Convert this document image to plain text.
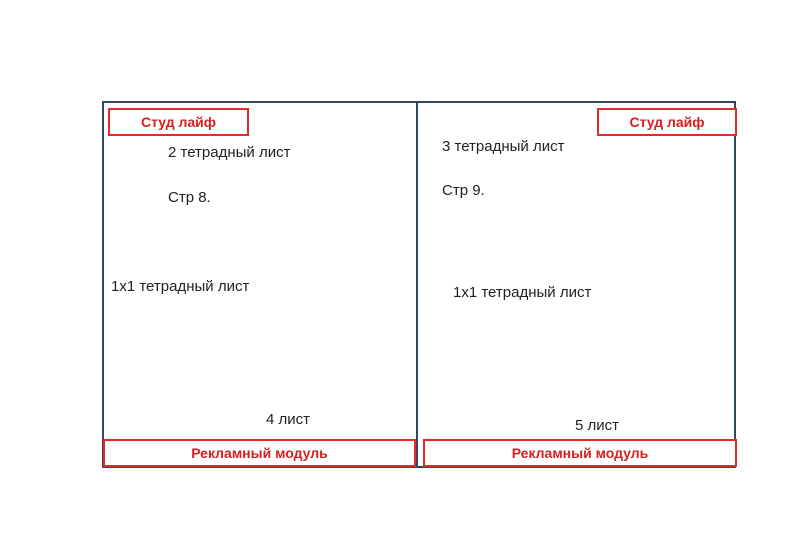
Студ лайф
2 тетрадный лист
Стр 8.
1х1 тетрадный лист
4 лист
Рекламный модуль
Студ лайф
3 тетрадный лист
Стр 9.
1х1 тетрадный лист
5 лист
Рекламный модуль
